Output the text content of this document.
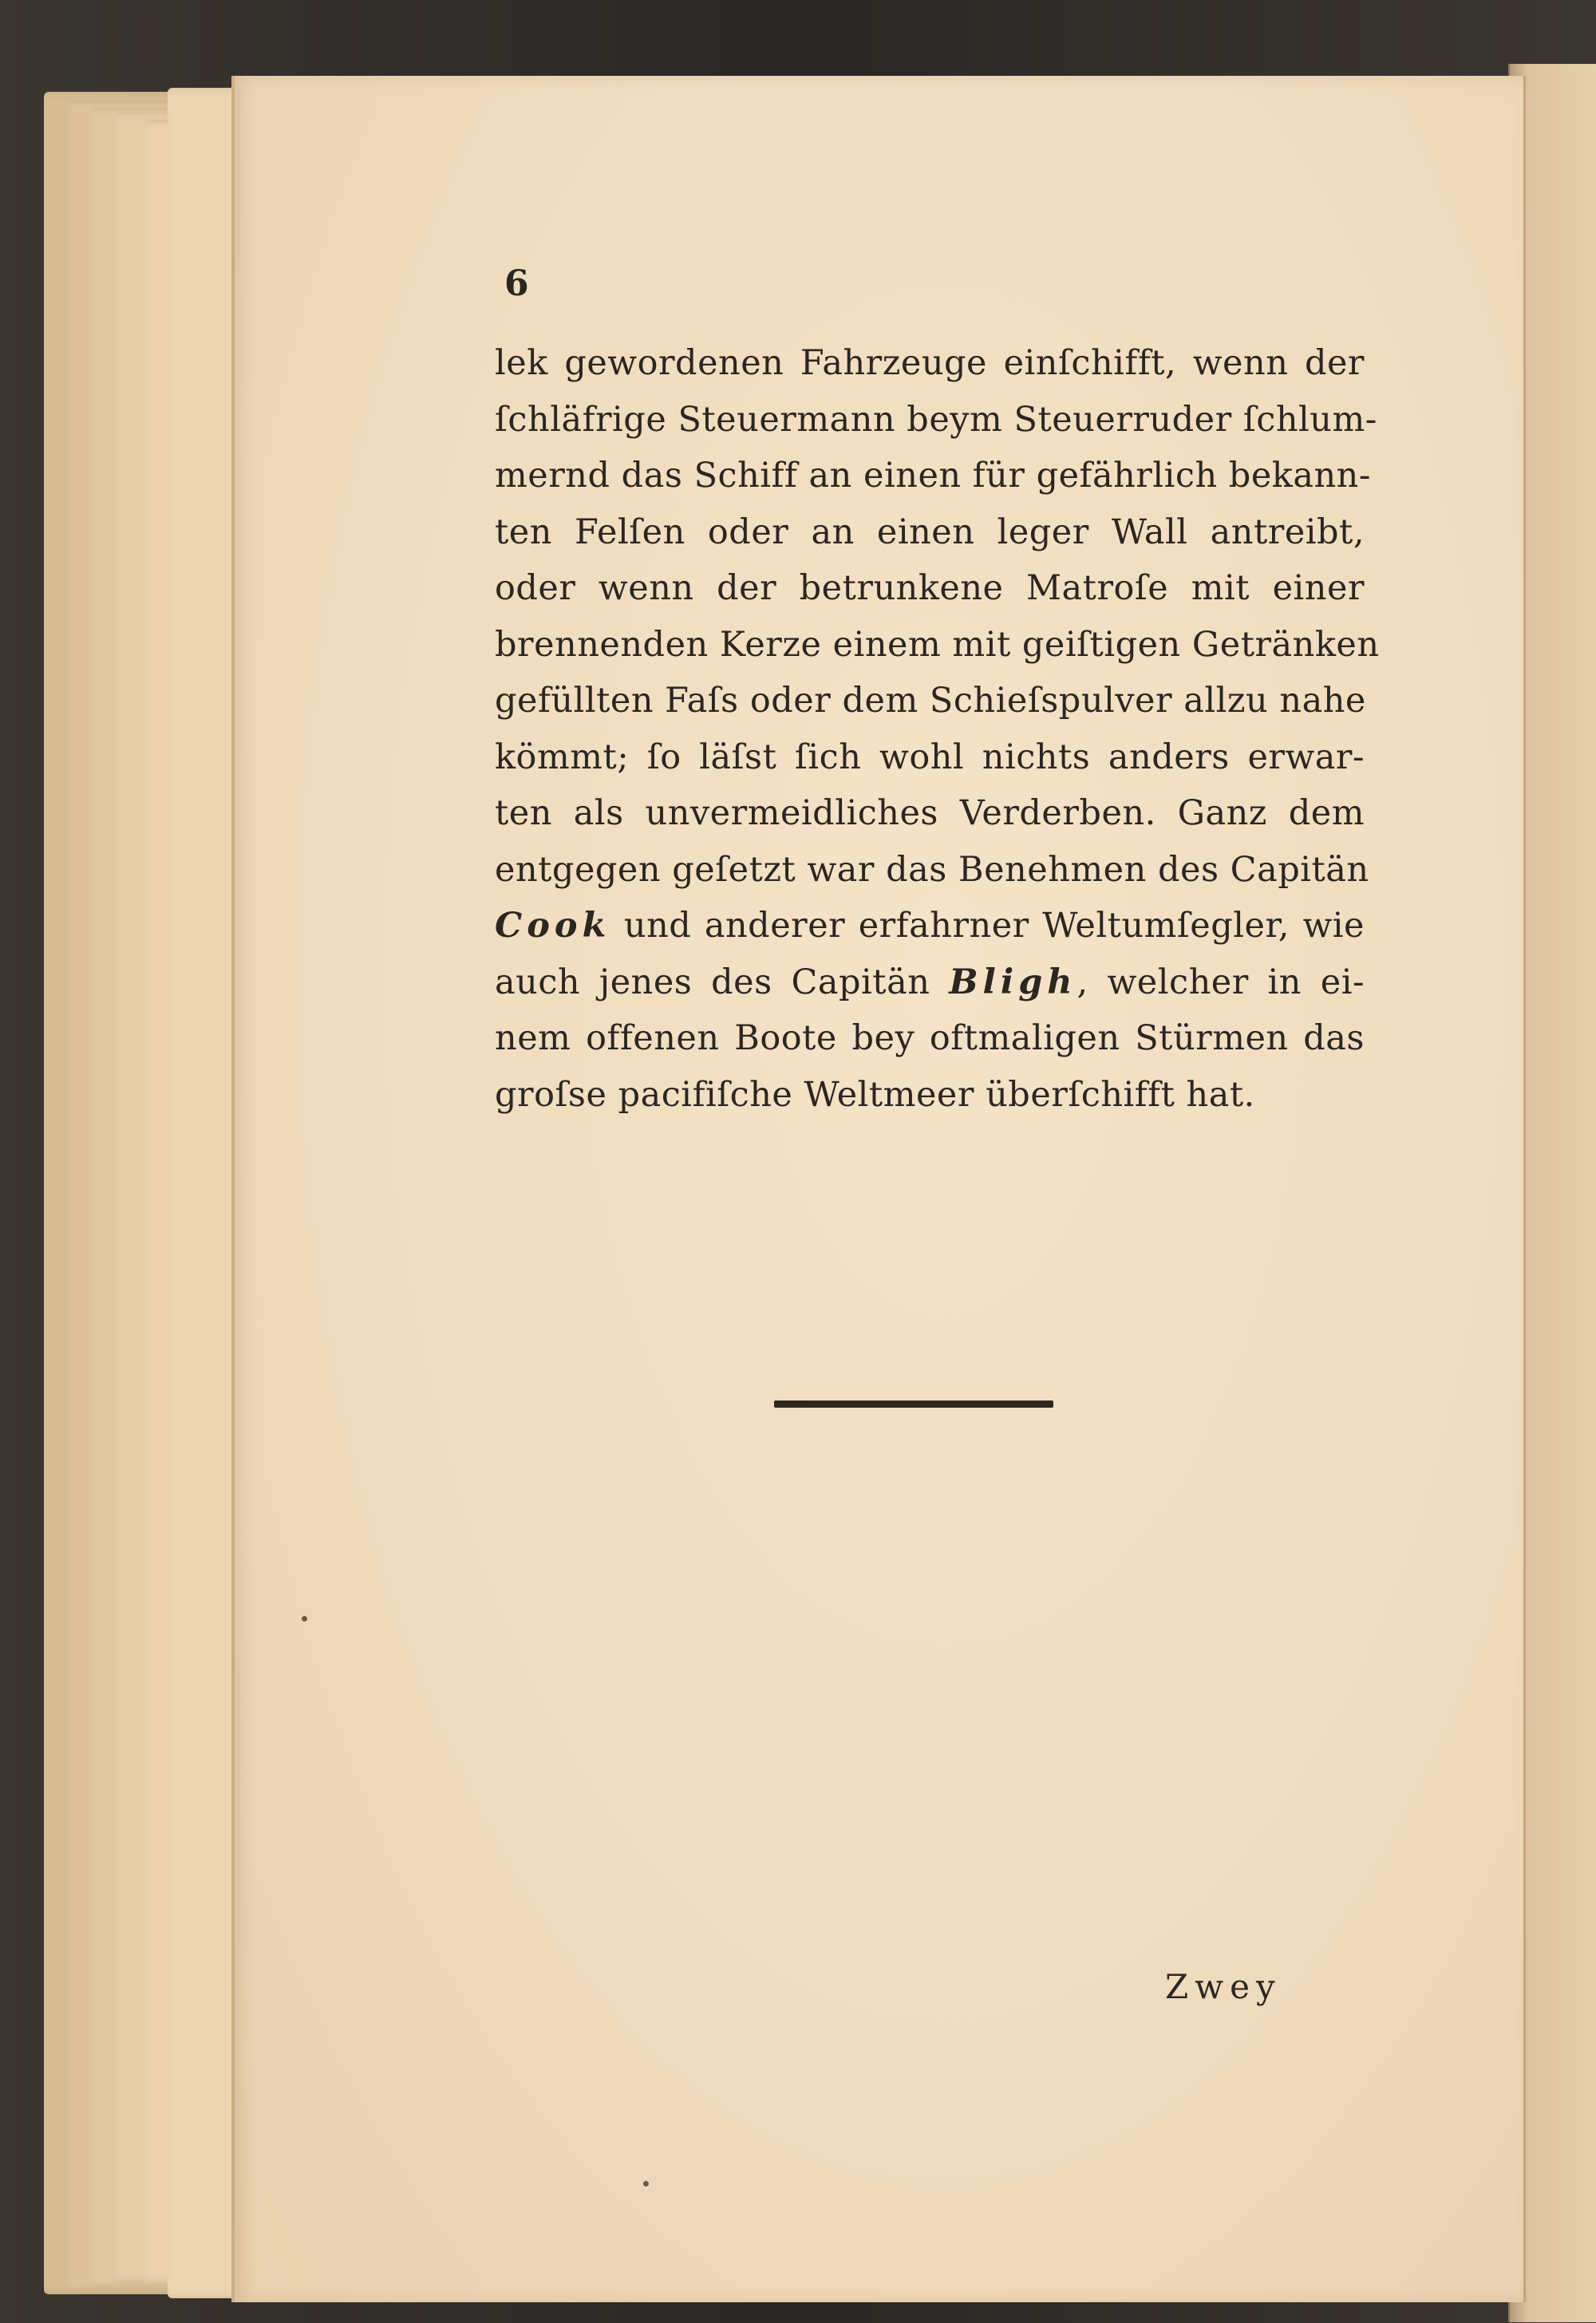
6
lek gewordenen Fahrzeuge einſchifft, wenn der
ſchläfrige Steuermann beym Steuerruder ſchlum-
mernd das Schiff an einen für gefährlich bekann-
ten Felſen oder an einen leger Wall antreibt,
oder wenn der betrunkene Matroſe mit einer
brennenden Kerze einem mit geiſtigen Getränken
gefüllten Faſs oder dem Schieſspulver allzu nahe
kömmt; ſo läſst ſich wohl nichts anders erwar-
ten als unvermeidliches Verderben. Ganz dem
entgegen geſetzt war das Benehmen des Capitän
Cook und anderer erfahrner Weltumſegler, wie
auch jenes des Capitän Bligh, welcher in ei-
nem offenen Boote bey oftmaligen Stürmen das
groſse pacifiſche Weltmeer überſchifft hat.
Zwey
